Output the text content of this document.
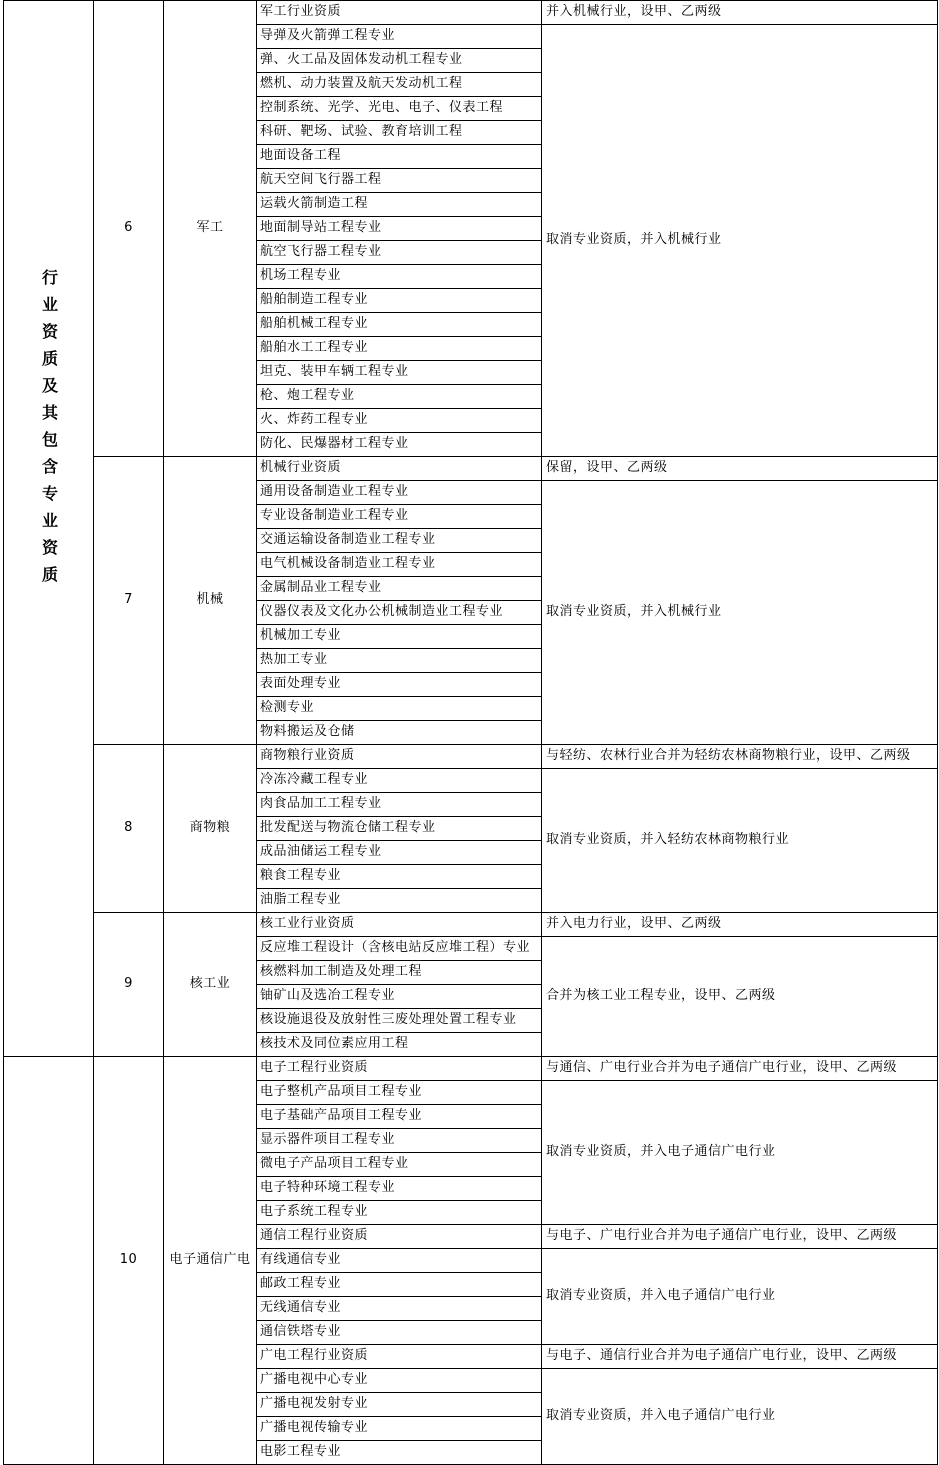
行业资质及其包含专业资质	6	军工	军工行业资质	并入机械行业，设甲、乙两级
			导弹及火箭弹工程专业	取消专业资质，并入机械行业
			弹、火工品及固体发动机工程专业	
			燃机、动力装置及航天发动机工程	
			控制系统、光学、光电、电子、仪表工程	
			科研、靶场、试验、教育培训工程	
			地面设备工程	
			航天空间飞行器工程	
			运载火箭制造工程	
			地面制导站工程专业	
			航空飞行器工程专业	
			机场工程专业	
			船舶制造工程专业	
			船舶机械工程专业	
			船舶水工工程专业	
			坦克、装甲车辆工程专业	
			枪、炮工程专业	
			火、炸药工程专业	
			防化、民爆器材工程专业	
	7	机械	机械行业资质	保留，设甲、乙两级
			通用设备制造业工程专业	取消专业资质，并入机械行业
			专业设备制造业工程专业	
			交通运输设备制造业工程专业	
			电气机械设备制造业工程专业	
			金属制品业工程专业	
			仪器仪表及文化办公机械制造业工程专业	
			机械加工专业	
			热加工专业	
			表面处理专业	
			检测专业	
			物料搬运及仓储	
	8	商物粮	商物粮行业资质	与轻纺、农林行业合并为轻纺农林商物粮行业，设甲、乙两级
			冷冻冷藏工程专业	取消专业资质，并入轻纺农林商物粮行业
			肉食品加工工程专业	
			批发配送与物流仓储工程专业	
			成品油储运工程专业	
			粮食工程专业	
			油脂工程专业	
	9	核工业	核工业行业资质	并入电力行业，设甲、乙两级
			反应堆工程设计（含核电站反应堆工程）专业	合并为核工业工程专业，设甲、乙两级
			核燃料加工制造及处理工程	
			铀矿山及选冶工程专业	
			核设施退役及放射性三废处理处置工程专业	
			核技术及同位素应用工程	
	10	电子通信广电	电子工程行业资质	与通信、广电行业合并为电子通信广电行业，设甲、乙两级
			电子整机产品项目工程专业	取消专业资质，并入电子通信广电行业
			电子基础产品项目工程专业	
			显示器件项目工程专业	
			微电子产品项目工程专业	
			电子特种环境工程专业	
			电子系统工程专业	
			通信工程行业资质	与电子、广电行业合并为电子通信广电行业，设甲、乙两级
			有线通信专业	取消专业资质，并入电子通信广电行业
			邮政工程专业	
			无线通信专业	
			通信铁塔专业	
			广电工程行业资质	与电子、通信行业合并为电子通信广电行业，设甲、乙两级
			广播电视中心专业	取消专业资质，并入电子通信广电行业
			广播电视发射专业	
			广播电视传输专业	
			电影工程专业	
